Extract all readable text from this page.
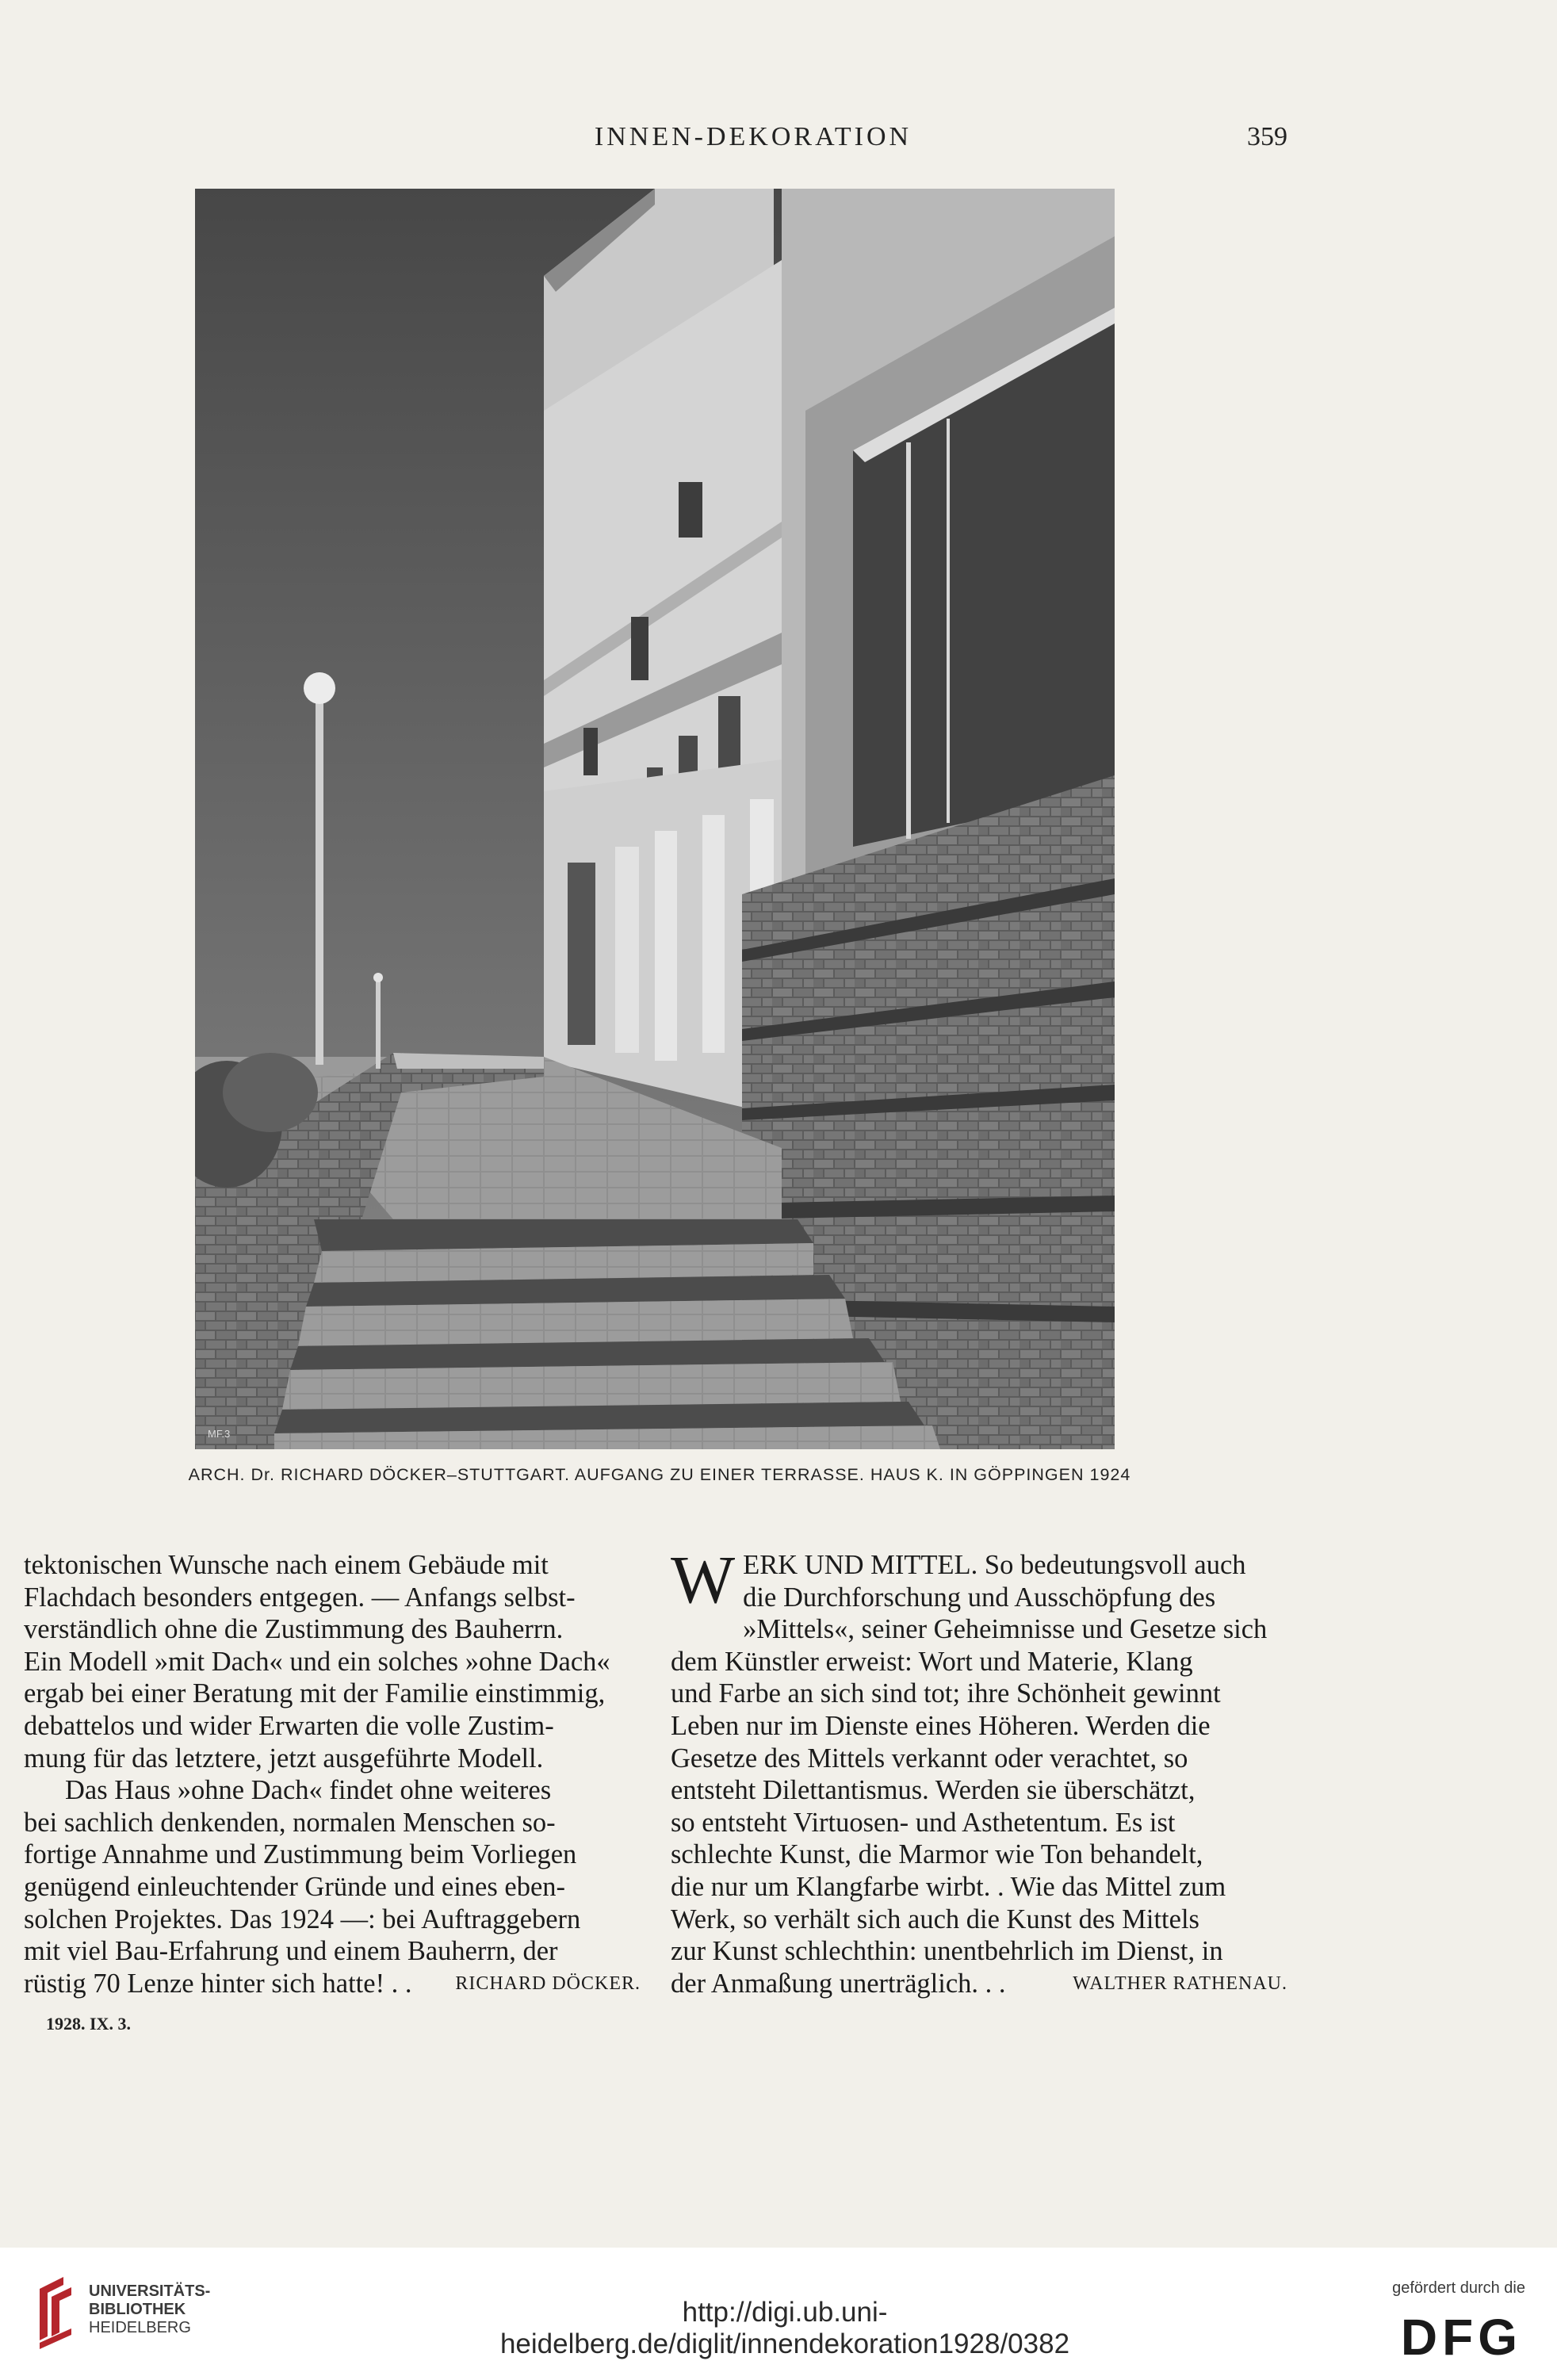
INNEN-DEKORATION	359
MF.3
ARCH. Dr. RICHARD DÖCKER–STUTTGART. AUFGANG ZU EINER TERRASSE. HAUS K. IN GÖPPINGEN 1924
tektonischen Wunsche nach einem Gebäude mit
Flachdach besonders entgegen. — Anfangs selbst-
verständlich ohne die Zustimmung des Bauherrn.
Ein Modell »mit Dach« und ein solches »ohne Dach«
ergab bei einer Beratung mit der Familie einstimmig,
debattelos und wider Erwarten die volle Zustim-
mung für das letztere, jetzt ausgeführte Modell.
Das Haus »ohne Dach« findet ohne weiteres
bei sachlich denkenden, normalen Menschen so-
fortige Annahme und Zustimmung beim Vorliegen
genügend einleuchtender Gründe und eines eben-
solchen Projektes. Das 1924 —: bei Auftraggebern
mit viel Bau-Erfahrung und einem Bauherrn, der
rüstig 70 Lenze hinter sich hatte! . . RICHARD DÖCKER.
W ERK UND MITTEL. So bedeutungsvoll auch
die Durchforschung und Ausschöpfung des
»Mittels«, seiner Geheimnisse und Gesetze sich
dem Künstler erweist: Wort und Materie, Klang
und Farbe an sich sind tot; ihre Schönheit gewinnt
Leben nur im Dienste eines Höheren. Werden die
Gesetze des Mittels verkannt oder verachtet, so
entsteht Dilettantismus. Werden sie überschätzt,
so entsteht Virtuosen- und Asthetentum. Es ist
schlechte Kunst, die Marmor wie Ton behandelt,
die nur um Klangfarbe wirbt. . Wie das Mittel zum
Werk, so verhält sich auch die Kunst des Mittels
zur Kunst schlechthin: unentbehrlich im Dienst, in
der Anmaßung unerträglich. . .	WALTHER RATHENAU.
1928. IX. 3.
UNIVERSITÄTS-
BIBLIOTHEK
HEIDELBERG	http://digi.ub.uni-heidelberg.de/diglit/innendekoration1928/0382
gefördert durch die
DFG
